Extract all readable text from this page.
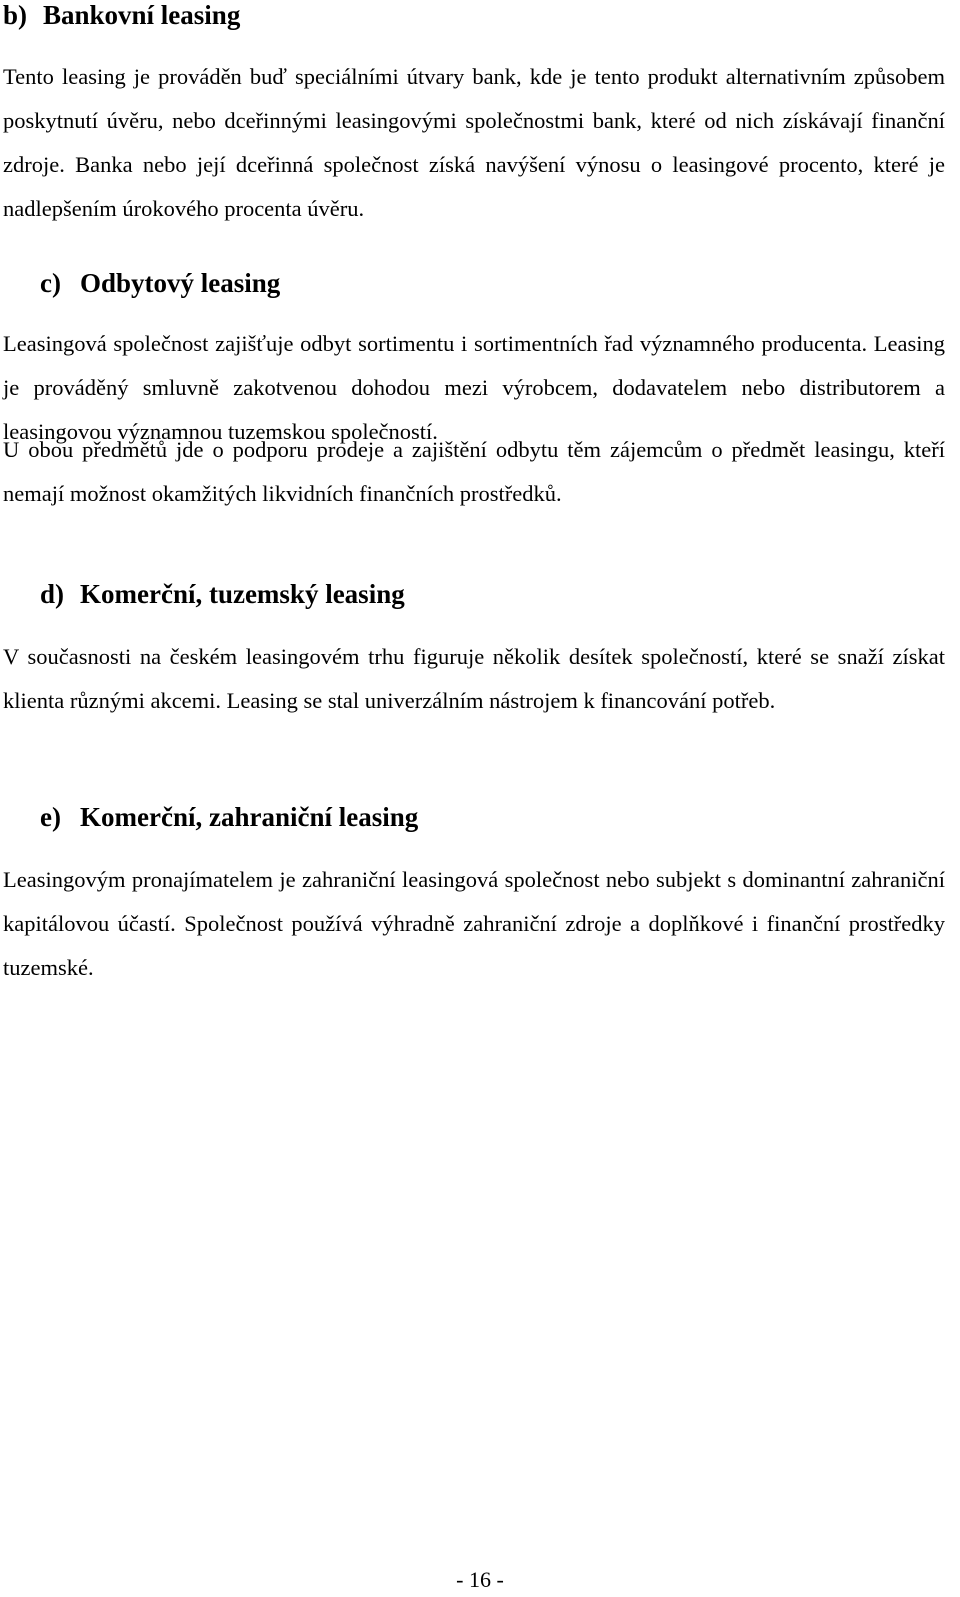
b) Bankovní leasing

Tento leasing je prováděn buď speciálními útvary bank, kde je tento produkt alternativním způsobem poskytnutí úvěru, nebo dceřinnými leasingovými společnostmi bank, které od nich získávají finanční zdroje. Banka nebo její dceřinná společnost získá navýšení výnosu o leasingové procento, které je nadlepšením úrokového procenta úvěru.

c) Odbytový leasing

Leasingová společnost zajišťuje odbyt sortimentu i sortimentních řad významného producenta. Leasing je prováděný smluvně zakotvenou dohodou mezi výrobcem, dodavatelem nebo distributorem a leasingovou významnou tuzemskou společností.

U obou předmětů jde o podporu prodeje a zajištění odbytu těm zájemcům o předmět leasingu, kteří nemají možnost okamžitých likvidních finančních prostředků.

d) Komerční, tuzemský leasing

V současnosti na českém leasingovém trhu figuruje několik desítek společností, které se snaží získat klienta různými akcemi. Leasing se stal univerzálním nástrojem k financování potřeb.

e) Komerční, zahraniční leasing

Leasingovým pronajímatelem je zahraniční leasingová společnost nebo subjekt s dominantní zahraniční kapitálovou účastí. Společnost používá výhradně zahraniční zdroje a doplňkové i finanční prostředky tuzemské.

- 16 -
